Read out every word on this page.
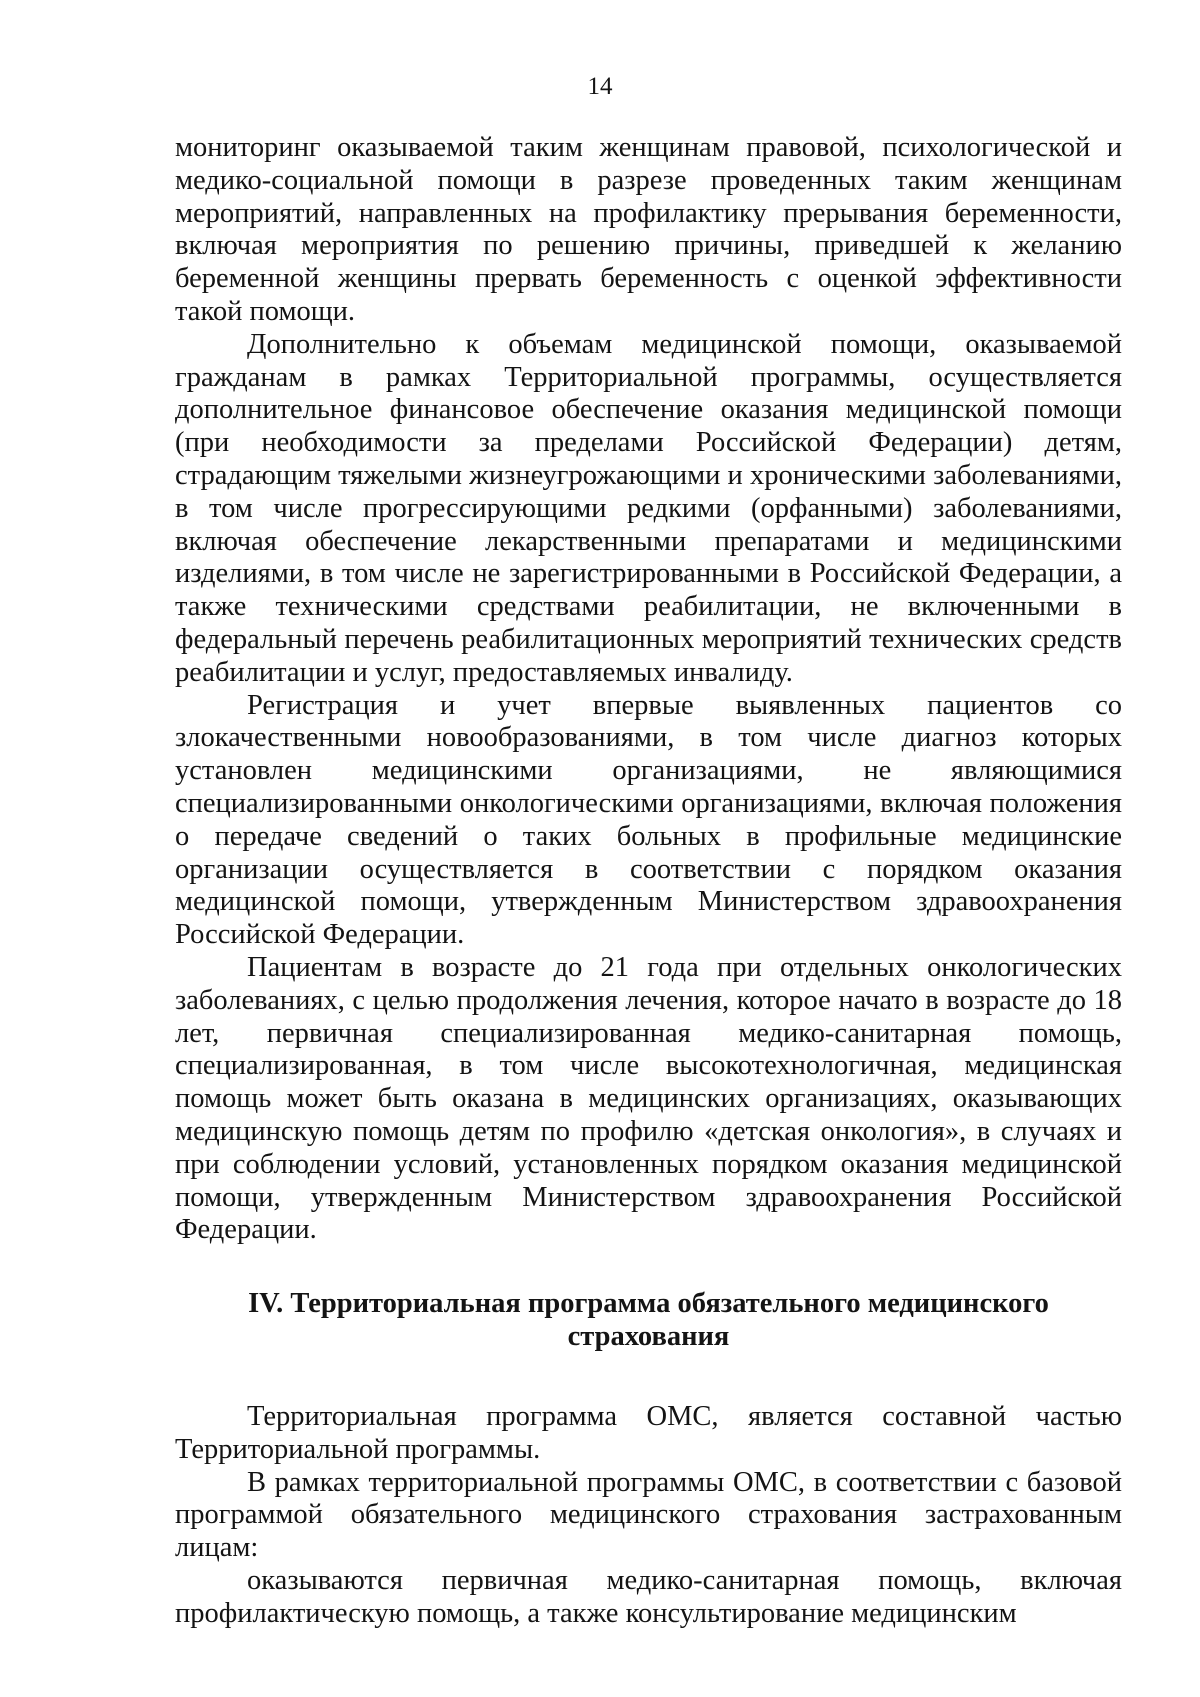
14

мониторинг оказываемой таким женщинам правовой, психологической и медико-социальной помощи в разрезе проведенных таким женщинам мероприятий, направленных на профилактику прерывания беременности, включая мероприятия по решению причины, приведшей к желанию беременной женщины прервать беременность с оценкой эффективности такой помощи.

Дополнительно к объемам медицинской помощи, оказываемой гражданам в рамках Территориальной программы, осуществляется дополнительное финансовое обеспечение оказания медицинской помощи (при необходимости за пределами Российской Федерации) детям, страдающим тяжелыми жизнеугрожающими и хроническими заболеваниями, в том числе прогрессирующими редкими (орфанными) заболеваниями, включая обеспечение лекарственными препаратами и медицинскими изделиями, в том числе не зарегистрированными в Российской Федерации, а также техническими средствами реабилитации, не включенными в федеральный перечень реабилитационных мероприятий технических средств реабилитации и услуг, предоставляемых инвалиду.

Регистрация и учет впервые выявленных пациентов со злокачественными новообразованиями, в том числе диагноз которых установлен медицинскими организациями, не являющимися специализированными онкологическими организациями, включая положения о передаче сведений о таких больных в профильные медицинские организации осуществляется в соответствии с порядком оказания медицинской помощи, утвержденным Министерством здравоохранения Российской Федерации.

Пациентам в возрасте до 21 года при отдельных онкологических заболеваниях, с целью продолжения лечения, которое начато в возрасте до 18 лет, первичная специализированная медико-санитарная помощь, специализированная, в том числе высокотехнологичная, медицинская помощь может быть оказана в медицинских организациях, оказывающих медицинскую помощь детям по профилю «детская онкология», в случаях и при соблюдении условий, установленных порядком оказания медицинской помощи, утвержденным Министерством здравоохранения Российской Федерации.

IV. Территориальная программа обязательного медицинского страхования

Территориальная программа ОМС, является составной частью Территориальной программы.

В рамках территориальной программы ОМС, в соответствии с базовой программой обязательного медицинского страхования застрахованным лицам:

оказываются первичная медико-санитарная помощь, включая профилактическую помощь, а также консультирование медицинским
